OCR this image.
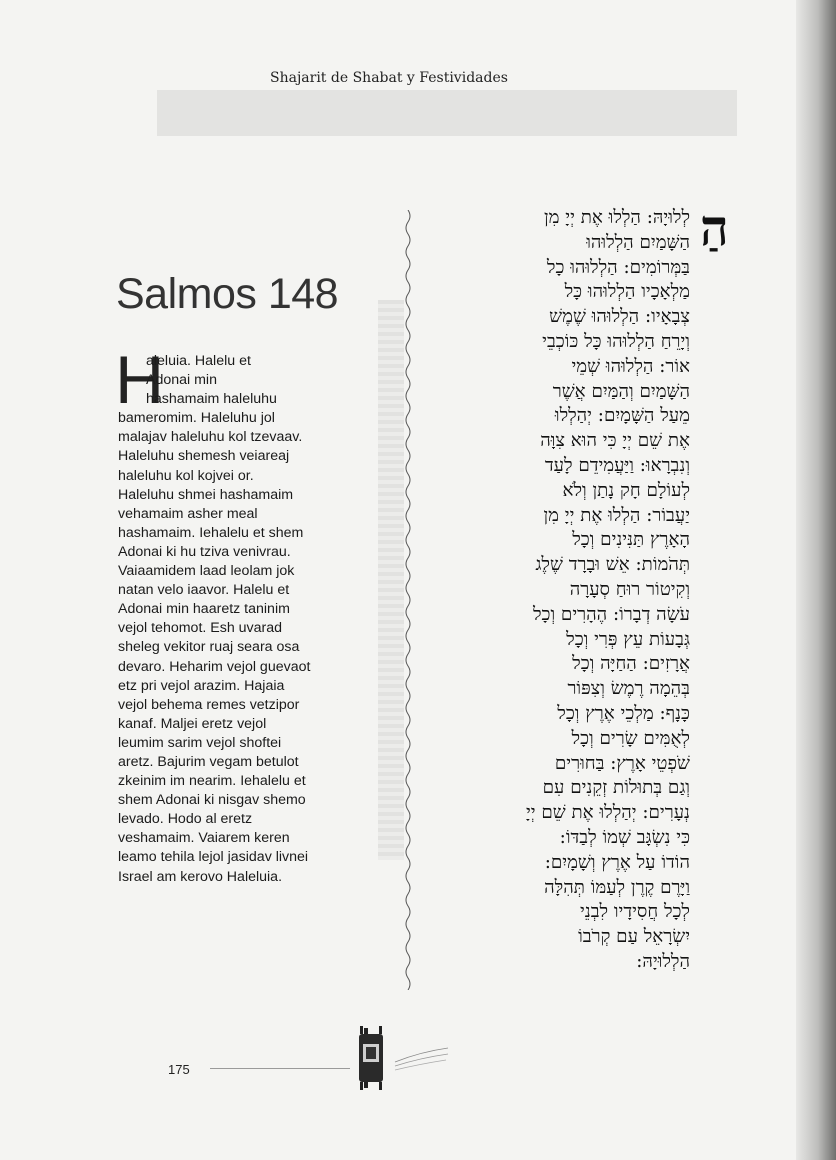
Shajarit de Shabat y Festividades
Salmos 148
H
aleluia. Halelu et
Adonai min
hashamaim haleluhu
bameromim. Haleluhu jol
malajav haleluhu kol tzevaav.
Haleluhu shemesh veiareaj
haleluhu kol kojvei or.
Haleluhu shmei hashamaim
vehamaim asher meal
hashamaim. Iehalelu et shem
Adonai ki hu tziva venivrau.
Vaiaamidem laad leolam jok
natan velo iaavor. Halelu et
Adonai min haaretz taninim
vejol tehomot. Esh uvarad
sheleg vekitor ruaj seara osa
devaro. Heharim vejol guevaot
etz pri vejol arazim. Hajaia
vejol behema remes vetzipor
kanaf. Maljei eretz vejol
leumim sarim vejol shoftei
aretz. Bajurim vegam betulot
zkeinim im nearim. Iehalelu et
shem Adonai ki nisgav shemo
levado. Hodo al eretz
veshamaim. Vaiarem keren
leamo tehila lejol jasidav livnei
Israel am kerovo Haleluia.
הַ
לְלוּיָהּ: הַלְלוּ אֶת יְיָ מִן
הַשָּׁמַיִם הַלְלוּהוּ
בַּמְּרוֹמִים: הַלְלוּהוּ כָל
מַלְאָכָיו הַלְלוּהוּ כָּל
צְבָאָיו: הַלְלוּהוּ שֶׁמֶשׁ
וְיָרֵחַ הַלְלוּהוּ כָּל כּוֹכְבֵי
אוֹר: הַלְלוּהוּ שְׁמֵי
הַשָּׁמַיִם וְהַמַּיִם אֲשֶׁר
מֵעַל הַשָּׁמָיִם: יְהַלְלוּ
אֶת שֵׁם יְיָ כִּי הוּא צִוָּה
וְנִבְרָאוּ: וַיַּעֲמִידֵם לָעַד
לְעוֹלָם חָק נָתַן וְלֹא
יַעֲבוֹר: הַלְלוּ אֶת יְיָ מִן
הָאָרֶץ תַּנִּינִים וְכָל
תְּהֹמוֹת: אֵשׁ וּבָרָד שֶׁלֶג
וְקִיטוֹר רוּחַ סְעָרָה
עֹשָׂה דְבָרוֹ: הֶהָרִים וְכָל
גְּבָעוֹת עֵץ פְּרִי וְכָל
אֲרָזִים: הַחַיָּה וְכָל
בְּהֵמָה רֶמֶשׂ וְצִפּוֹר
כָּנָף: מַלְכֵי אֶרֶץ וְכָל
לְאֻמִּים שָׂרִים וְכָל
שֹׁפְטֵי אָרֶץ: בַּחוּרִים
וְגַם בְּתוּלוֹת זְקֵנִים עִם
נְעָרִים: יְהַלְלוּ אֶת שֵׁם יְיָ
כִּי נִשְׂגָּב שְׁמוֹ לְבַדּוֹ:
הוֹדוֹ עַל אֶרֶץ וְשָׁמָיִם:
וַיָּרֶם קֶרֶן לְעַמּוֹ תְּהִלָּה
לְכָל חֲסִידָיו לִבְנֵי
יִשְׂרָאֵל עַם קְרֹבוֹ
הַלְלוּיָהּ:
175
